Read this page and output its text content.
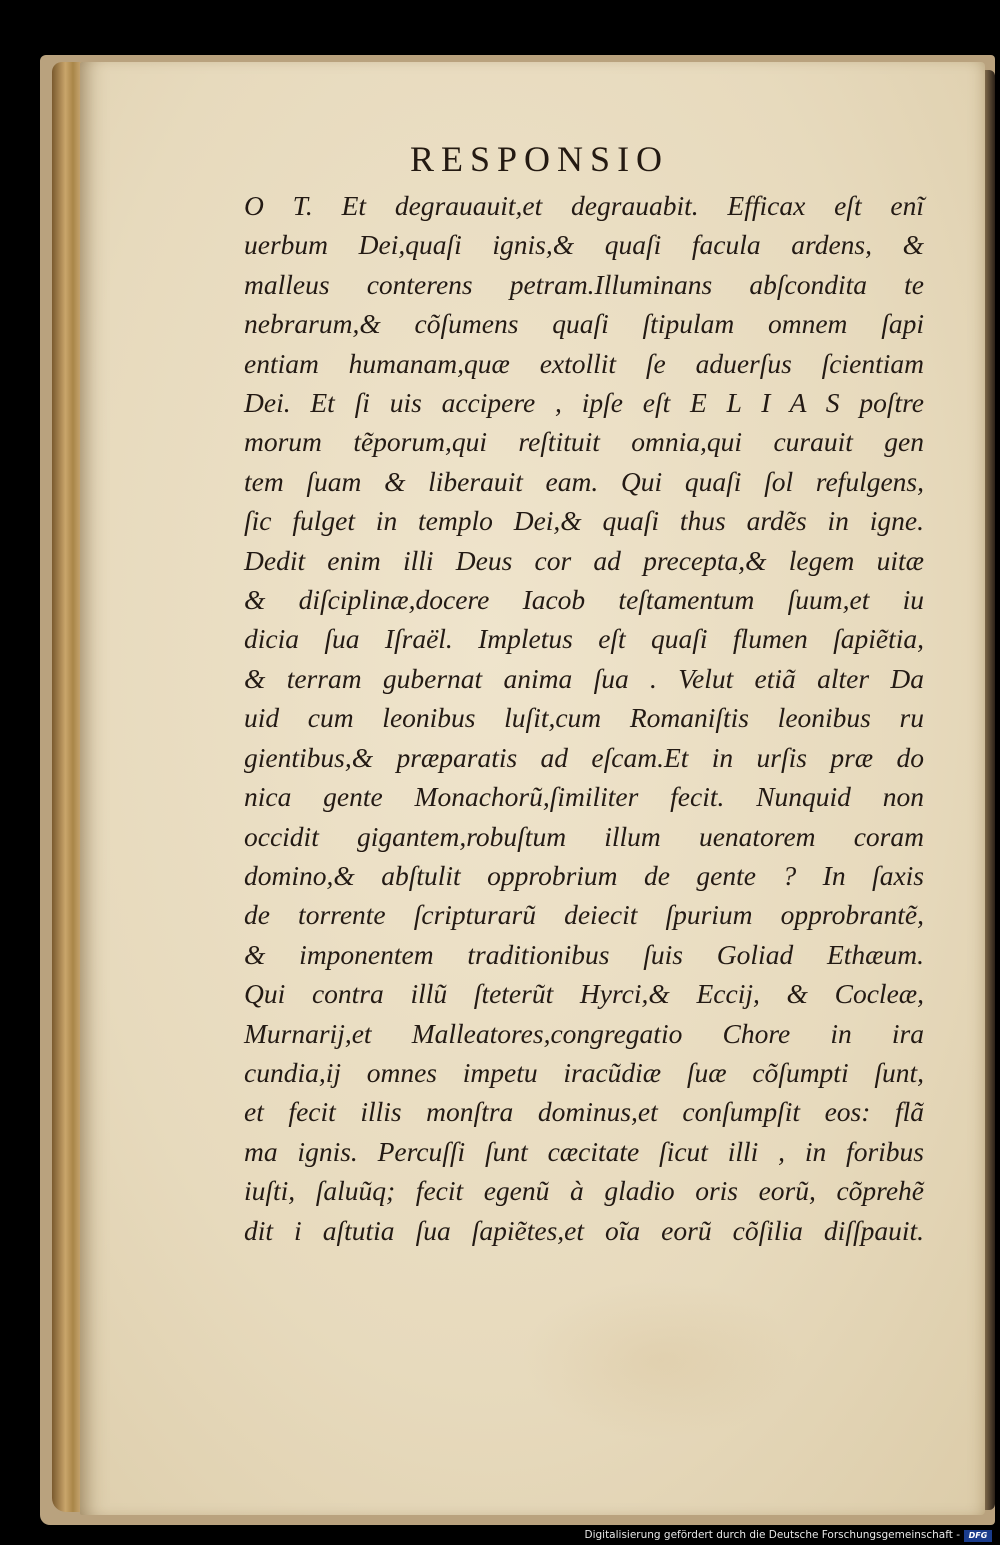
RESPONSIO
O T. Et degrauauit,et degrauabit. Efficax eſt enĩ
uerbum Dei,quaſi ignis,& quaſi facula ardens, &
malleus conterens petram.Illuminans abſcondita te
nebrarum,& cõſumens quaſi ſtipulam omnem ſapi
entiam humanam,quæ extollit ſe aduerſus ſcientiam
Dei. Et ſi uis accipere , ipſe eſt E L I A S poſtre
morum tẽporum,qui reſtituit omnia,qui curauit gen
tem ſuam & liberauit eam. Qui quaſi ſol refulgens,
ſic fulget in templo Dei,& quaſi thus ardẽs in igne.
Dedit enim illi Deus cor ad precepta,& legem uitæ
& diſciplinæ,docere Iacob teſtamentum ſuum,et iu
dicia ſua Iſraël. Impletus eſt quaſi flumen ſapiẽtia,
& terram gubernat anima ſua . Velut etiã alter Da
uid cum leonibus luſit,cum Romaniſtis leonibus ru
gientibus,& præparatis ad eſcam.Et in urſis præ do
nica gente Monachorũ,ſimiliter fecit. Nunquid non
occidit gigantem,robuſtum illum uenatorem coram
domino,& abſtulit opprobrium de gente ? In ſaxis
de torrente ſcripturarũ deiecit ſpurium opprobrantẽ,
& imponentem traditionibus ſuis Goliad Ethæum.
Qui contra illũ ſteterũt Hyrci,& Eccij, & Cocleæ,
Murnarij,et Malleatores,congregatio Chore in ira
cundia,ij omnes impetu iracũdiæ ſuæ cõſumpti ſunt,
et fecit illis monſtra dominus,et conſumpſit eos: flã
ma ignis. Percuſſi ſunt cæcitate ſicut illi , in foribus
iuſti, ſaluũq; fecit egenũ à gladio oris eorũ, cõprehẽ
dit i aſtutia ſua ſapiẽtes,et oĩa eorũ cõſilia diſſpauit.
Digitalisierung gefördert durch die Deutsche Forschungsgemeinschaft -	DFG
